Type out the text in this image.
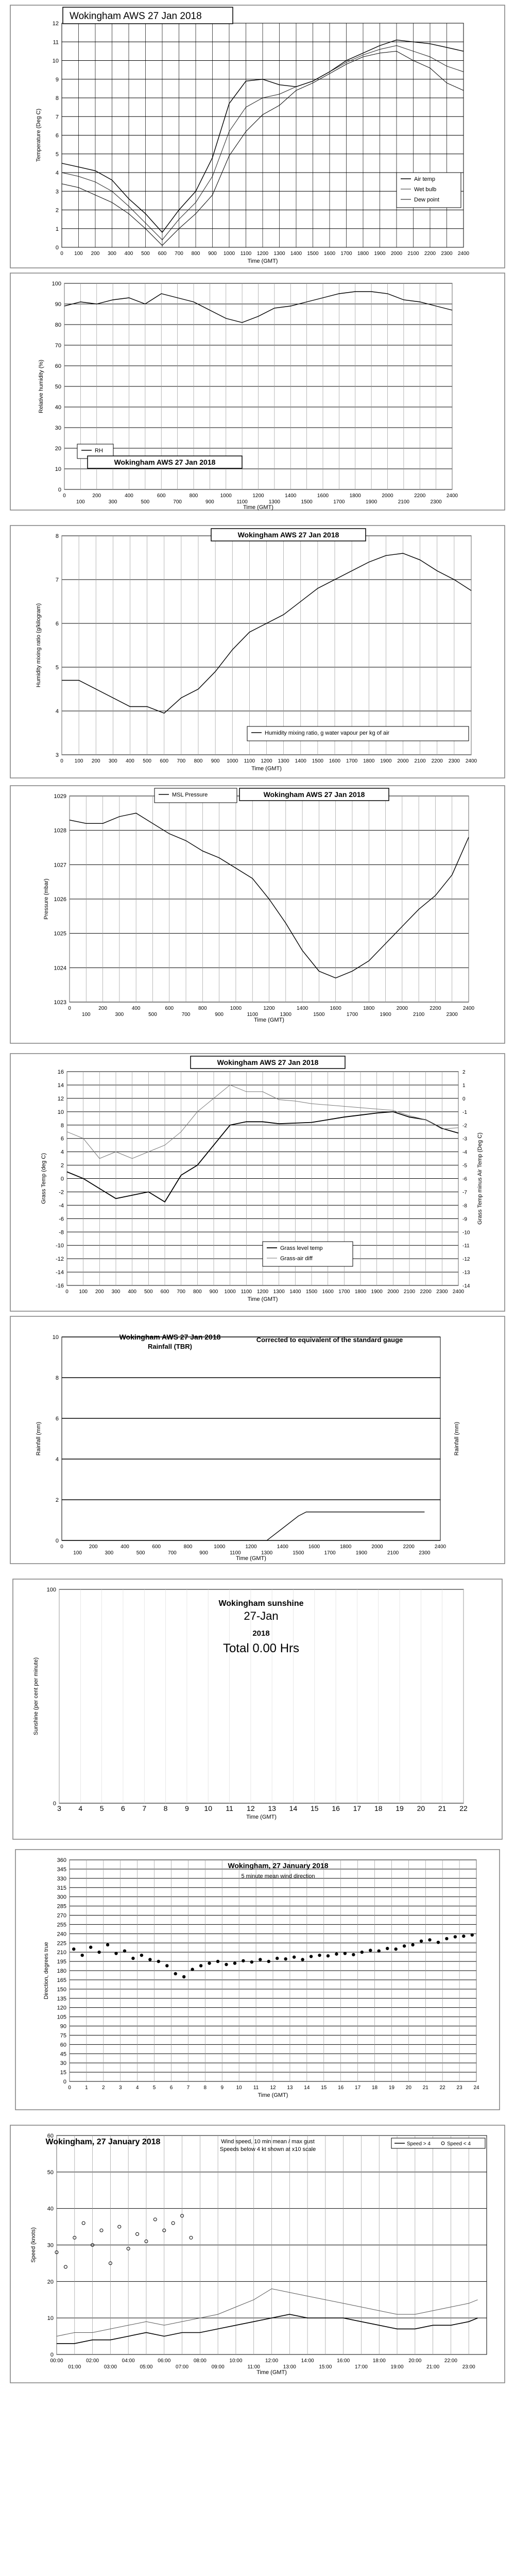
0
1
2
3
4
5
6
7
8
9
10
11
12
0 100 200 300 400 500 600 700 800 900 1000 1100 1200 1300 1400 1500 1600 1700 1800 1900 2000 2100 2200 2300 2400
Time (GMT)
Temperature (Deg C)
Wokingham AWS 27 Jan 2018
Air temp
Wet bulb
Dew point
0
10
20
30
40
50
60
70
80
90
100
0
100
200
300
400
500
600
700
800
900
1000
1100
1200
1300
1400
1500
1600
1700
1800
1900
2000
2100
2200
2300
2400
Time (GMT)
Relative humidity (%)
RH
Wokingham AWS 27 Jan 2018
3
4
5
6
7
8
0 100 200 300 400 500 600 700 800 900 1000 1100 1200 1300 1400 1500 1600 1700 1800 1900 2000 2100 2200 2300 2400
Time (GMT)
Humidity mixing ratio (g/kilogram)
Wokingham AWS 27 Jan 2018
Humidity mixing ratio, g water vapour per kg of air
1023
1024
1025
1026
1027
1028
1029
0
100
200
300
400
500
600
700
800
900
1000
1100
1200
1300
1400
1500
1600
1700
1800
1900
2000
2100
2200
2300
2400
Time (GMT)
Pressure (mbar)
MSL Pressure	Wokingham AWS 27 Jan 2018
-16
-14
-12
-10
-8
-6
-4
-2
0
2
4
6
8
10
12
14
16
0 100 200 300 400 500 600 700 800 900 1000 1100 1200 1300 1400 1500 1600 1700 1800 1900 2000 2100 2200 2300 2400
Time (GMT)
Grass Temp (deg C)
-14
-13
-12
-11
-10
-9
-8
-7
-6
-5
-4
-3
-2
-1
0
1
2
Grass Temp minus Air Temp (Deg C)
Wokingham AWS 27 Jan 2018
Grass level temp
Grass-air diff
0
2
4
6
8
10
0
100
200
300
400
500
600
700
800
900
1000
1100
1200
1300
1400
1500
1600
1700
1800
1900
2000
2100
2200
2300
2400
Time (GMT)
Rainfall (mm)	Rainfall (mm)
Wokingham AWS 27 Jan 2018
Rainfall (TBR)
Corrected to equivalent of the standard gauge
0
100
3 4 5 6 7 8 9 10 11 12 13 14 15 16 17 18 19 20 21 22
Time (GMT)
Sunshine (per cent per minute)
Wokingham sunshine
27-Jan
2018
Total 0.00 Hrs
0
15
30
45
60
75
90
105
120
135
150
165
180
195
210
225
240
255
270
285
300
315
330
345
360
0	1	2	3	4	5	6	7	8	9 10 11 12 13 14 15 16 17 18 19 20 21 22 23 24
Time (GMT)
Direction, degrees true
Wokingham, 27 January 2018
5 minute mean wind direction
0
10
20
30
40
50
60
00:00
01:00
02:00
03:00
04:00
05:00
06:00
07:00
08:00
09:00
10:00
11:00
12:00
13:00
14:00
15:00
16:00
17:00
18:00
19:00
20:00
21:00
22:00
23:00
Time (GMT)
Speed (knots)
Wokingham, 27 January 2018	Wind speed, 10 min mean / max gust
Speeds below 4 kt shown at x10 scale
Speed > 4	Speed < 4
